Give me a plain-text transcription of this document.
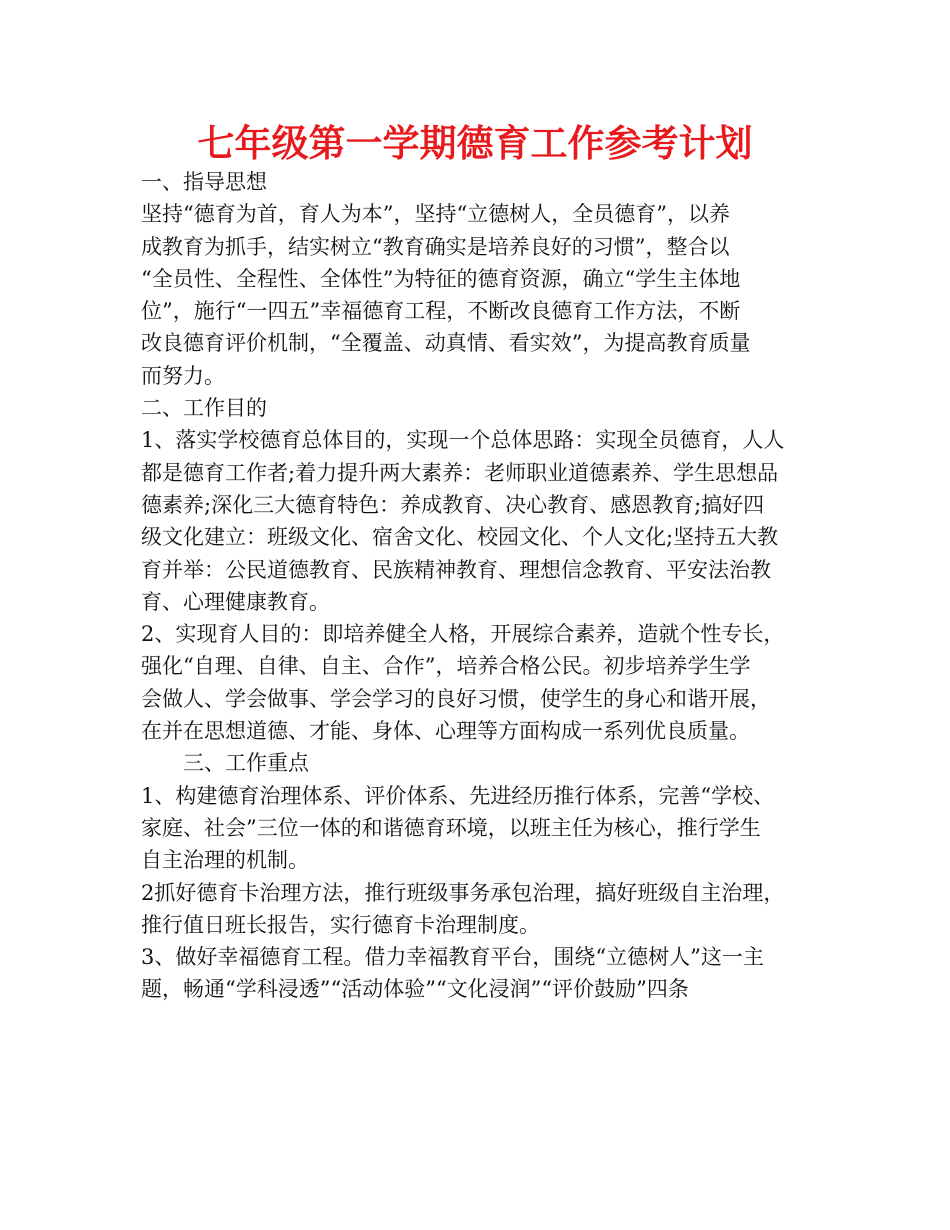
七年级第一学期德育工作参考计划

一、指导思想

坚持“德育为首，育人为本”，坚持“立德树人，全员德育”，以养

成教育为抓手，结实树立“教育确实是培养良好的习惯”，整合以

“全员性、全程性、全体性”为特征的德育资源，确立“学生主体地

位”，施行“一四五”幸福德育工程，不断改良德育工作方法，不断

改良德育评价机制，“全覆盖、动真情、看实效”，为提高教育质量

而努力。

二、工作目的

1、落实学校德育总体目的，实现一个总体思路：实现全员德育，人人

都是德育工作者;着力提升两大素养：老师职业道德素养、学生思想品

德素养;深化三大德育特色：养成教育、决心教育、感恩教育;搞好四

级文化建立：班级文化、宿舍文化、校园文化、个人文化;坚持五大教

育并举：公民道德教育、民族精神教育、理想信念教育、平安法治教

育、心理健康教育。

2、实现育人目的：即培养健全人格，开展综合素养，造就个性专长，

强化“自理、自律、自主、合作”，培养合格公民。初步培养学生学

会做人、学会做事、学会学习的良好习惯，使学生的身心和谐开展，

在并在思想道德、才能、身体、心理等方面构成一系列优良质量。

三、工作重点

1、构建德育治理体系、评价体系、先进经历推行体系，完善“学校、

家庭、社会”三位一体的和谐德育环境，以班主任为核心，推行学生

自主治理的机制。

2抓好德育卡治理方法，推行班级事务承包治理，搞好班级自主治理，

推行值日班长报告，实行德育卡治理制度。

3、做好幸福德育工程。借力幸福教育平台，围绕“立德树人”这一主

题，畅通“学科浸透”“活动体验”“文化浸润”“评价鼓励”四条
